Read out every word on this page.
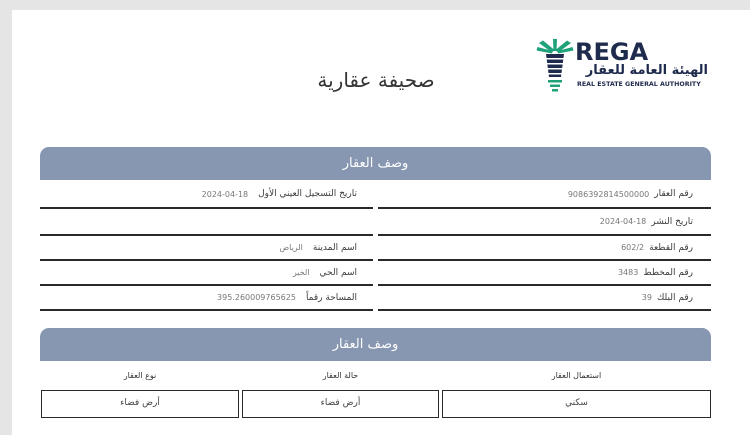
REGA
الهيئة العامة للعقار
REAL ESTATE GENERAL AUTHORITY
صحيفة عقارية
وصف العقار
رقم العقار
9086392814500000
تاريخ التسجيل العيني الأول
2024-04-18
تاريخ النشر
2024-04-18
رقم القطعة
602/2
اسم المدينة
الرياض
رقم المخطط
3483
اسم الحي
الخير
رقم البلك
39
المساحة رقماً
395.260009765625
وصف العقار
استعمال العقار
حالة العقار
نوع العقار
سكني
أرض فضاء
أرض فضاء
